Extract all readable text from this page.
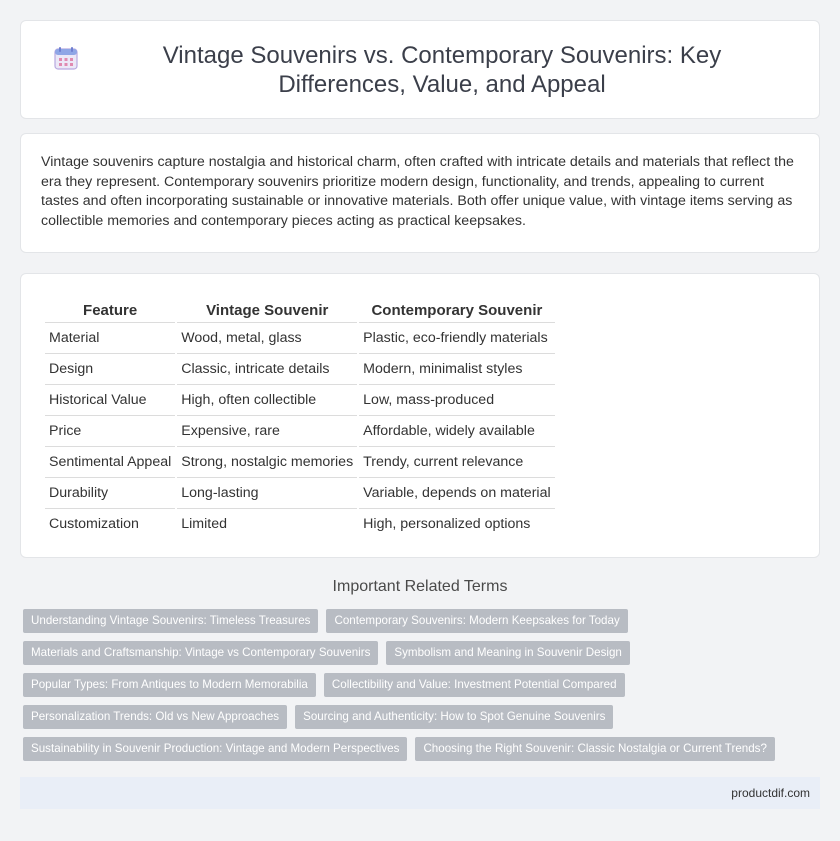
Vintage Souvenirs vs. Contemporary Souvenirs: Key Differences, Value, and Appeal

Vintage souvenirs capture nostalgia and historical charm, often crafted with intricate details and materials that reflect the era they represent. Contemporary souvenirs prioritize modern design, functionality, and trends, appealing to current tastes and often incorporating sustainable or innovative materials. Both offer unique value, with vintage items serving as collectible memories and contemporary pieces acting as practical keepsakes.

Feature	Vintage Souvenir	Contemporary Souvenir
Material	Wood, metal, glass	Plastic, eco-friendly materials
Design	Classic, intricate details	Modern, minimalist styles
Historical Value	High, often collectible	Low, mass-produced
Price	Expensive, rare	Affordable, widely available
Sentimental Appeal	Strong, nostalgic memories	Trendy, current relevance
Durability	Long-lasting	Variable, depends on material
Customization	Limited	High, personalized options
Important Related Terms
Understanding Vintage Souvenirs: Timeless Treasures	Contemporary Souvenirs: Modern Keepsakes for Today
Materials and Craftsmanship: Vintage vs Contemporary Souvenirs	Symbolism and Meaning in Souvenir Design
Popular Types: From Antiques to Modern Memorabilia	Collectibility and Value: Investment Potential Compared
Personalization Trends: Old vs New Approaches	Sourcing and Authenticity: How to Spot Genuine Souvenirs
Sustainability in Souvenir Production: Vintage and Modern Perspectives	Choosing the Right Souvenir: Classic Nostalgia or Current Trends?
productdif.com
